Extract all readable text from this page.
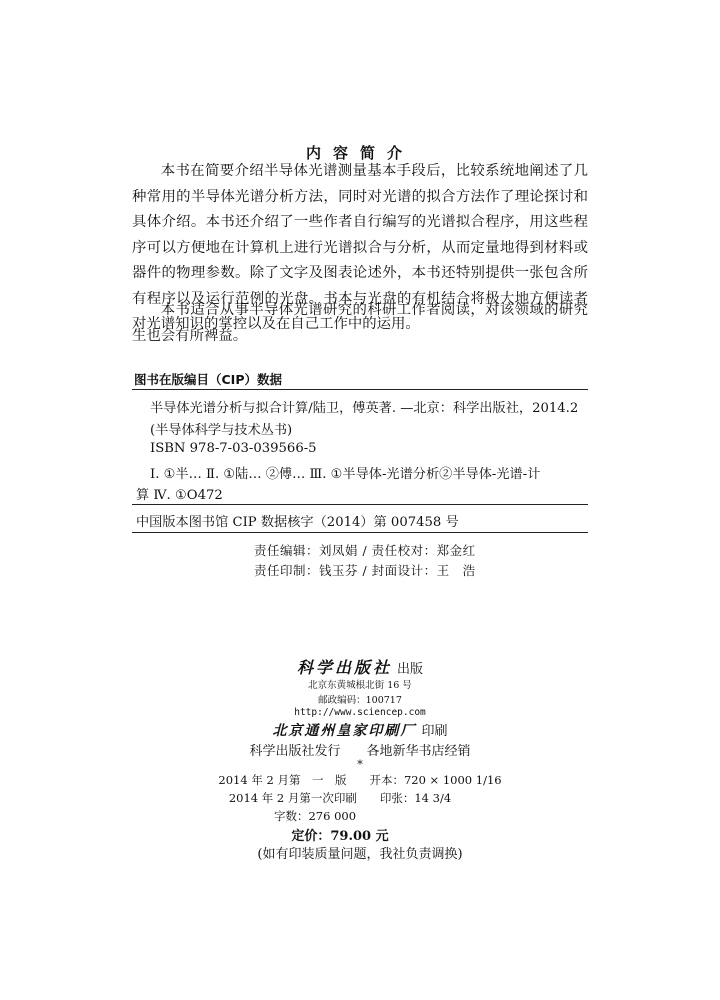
内容简介

本书在简要介绍半导体光谱测量基本手段后，比较系统地阐述了几种常用的半导体光谱分析方法，同时对光谱的拟合方法作了理论探讨和具体介绍。本书还介绍了一些作者自行编写的光谱拟合程序，用这些程序可以方便地在计算机上进行光谱拟合与分析，从而定量地得到材料或器件的物理参数。除了文字及图表论述外，本书还特别提供一张包含所有程序以及运行范例的光盘。书本与光盘的有机结合将极大地方便读者对光谱知识的掌控以及在自己工作中的运用。

本书适合从事半导体光谱研究的科研工作者阅读，对该领域的研究生也会有所裨益。

图书在版编目（CIP）数据
半导体光谱分析与拟合计算/陆卫，傅英著. —北京：科学出版社，2014.2
(半导体科学与技术丛书)
ISBN 978-7-03-039566-5
Ⅰ. ①半… Ⅱ. ①陆… ②傅… Ⅲ. ①半导体-光谱分析②半导体-光谱-计
算 Ⅳ. ①O472
中国版本图书馆 CIP 数据核字（2014）第 007458 号
责任编辑：刘凤娟 / 责任校对：郑金红
责任印制：钱玉芬 / 封面设计：王　浩
科学出版社 出版
北京东黄城根北街 16 号
邮政编码：100717
http://www.sciencep.com
北京通州皇家印刷厂 印刷
科学出版社发行　　各地新华书店经销
*
2014 年 2 月第　一　版　　开本：720 × 1000 1/16
2014 年 2 月第一次印刷　　印张：14 3/4
字数：276 000
定价：79.00 元
(如有印装质量问题，我社负责调换)
